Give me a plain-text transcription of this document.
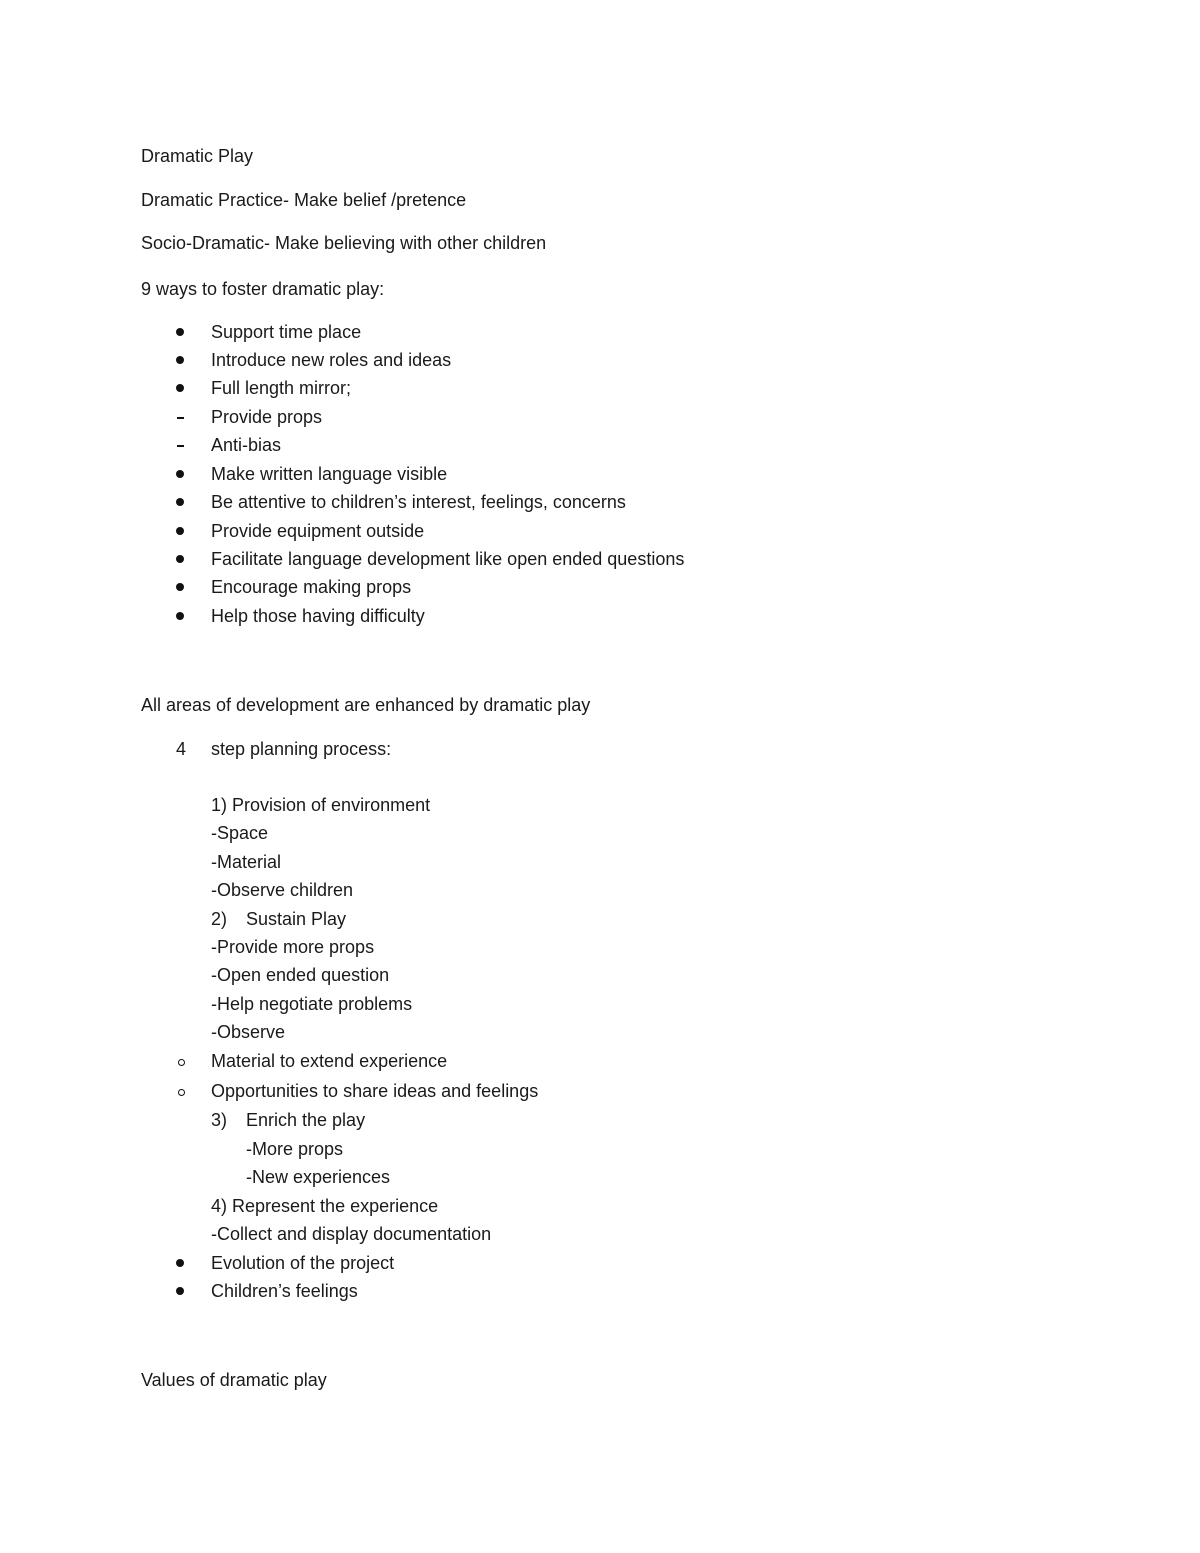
Dramatic Play
Dramatic Practice- Make belief /pretence
Socio-Dramatic- Make believing with other children
9 ways to foster dramatic play:
Support time place
Introduce new roles and ideas
Full length mirror;
Provide props
Anti-bias
Make written language visible
Be attentive to children’s interest, feelings, concerns
Provide equipment outside
Facilitate language development like open ended questions
Encourage making props
Help those having difficulty
All areas of development are enhanced by dramatic play
4 step planning process:
1) Provision of environment
-Space
-Material
-Observe children
2) Sustain Play
-Provide more props
-Open ended question
-Help negotiate problems
-Observe
Material to extend experience
Opportunities to share ideas and feelings
3) Enrich the play
-More props
-New experiences
4) Represent the experience
-Collect and display documentation
Evolution of the project
Children’s feelings
Values of dramatic play
